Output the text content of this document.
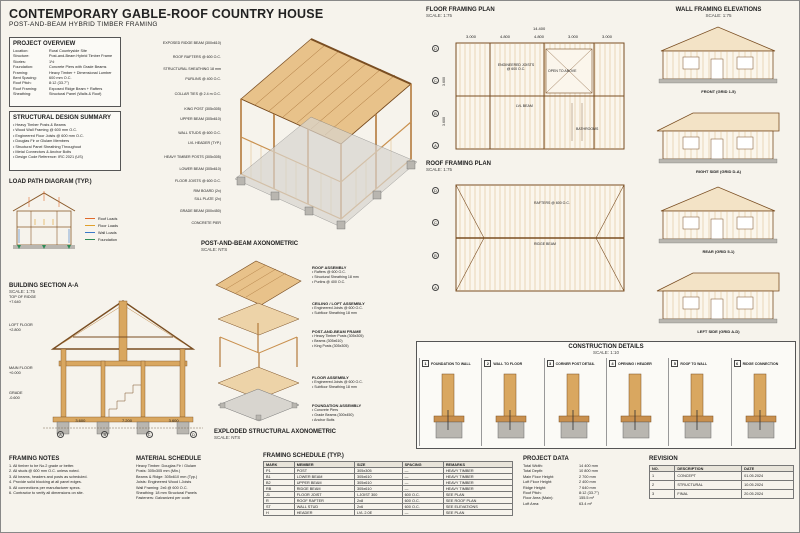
CONTEMPORARY GABLE-ROOF COUNTRY HOUSE
POST-AND-BEAM HYBRID TIMBER FRAMING
PROJECT OVERVIEW
Location:	Rural Countryside Site
Structure:	Post-and-Beam Hybrid Timber Frame
Stories:	1½
Foundation:	Concrete Piers with Grade Beams
Framing:	Heavy Timber + Dimensional Lumber
Bent Spacing:	600 mm O.C.
Roof Pitch:	8:12 (33.7°)
Roof Framing:	Exposed Ridge Beam + Rafters
Sheathing:	Structural Panel (Walls & Roof)
STRUCTURAL DESIGN SUMMARY
• Heavy Timber Posts & Beams
• Wood Wall Framing @ 600 mm O.C.
• Engineered Floor Joists @ 600 mm O.C.
• Douglas Fir or Glulam Members
• Structural Panel Sheathing Throughout
• Metal Connectors & Anchor Bolts
• Design Code Reference: IRC 2021 (US)
LOAD PATH DIAGRAM (TYP.)
Roof Loads
Floor Loads
Wall Loads
Foundation
BUILDING SECTION A-A
SCALE: 1:75
TOP OF RIDGE
+7.640
LOFT FLOOR
+2.800
MAIN FLOOR
+0.000
GRADE
-0.600
3.600	7.200	3.600
A	B	C	D
EXPOSED RIDGE BEAM (300x610)
ROOF RAFTERS @ 600 O.C.
STRUCTURAL SHEATHING 18 mm
PURLINS @ 400 O.C.
COLLAR TIES @ 2.4 m O.C.
KING POST (305x305)
UPPER BEAM (305x610)
WALL STUDS @ 600 O.C.
LVL HEADER (TYP.)
HEAVY TIMBER POSTS (305x305)
LOWER BEAM (305x610)
FLOOR JOISTS @ 600 O.C.
RIM BOARD (2x)
SILL PLATE (2x)
GRADE BEAM (300x450)
CONCRETE PIER
POST-AND-BEAM AXONOMETRIC
SCALE: NTS
ROOF ASSEMBLY
• Rafters @ 600 O.C.
• Structural Sheathing 18 mm
• Purlins @ 400 O.C.
CEILING / LOFT ASSEMBLY
• Engineered Joists @ 600 O.C.
• Subfloor Sheathing 18 mm
POST-AND-BEAM FRAME
• Heavy Timber Posts (305x305)
• Beams (305x610)
• King Posts (305x305)
FLOOR ASSEMBLY
• Engineered Joists @ 600 O.C.
• Subfloor Sheathing 18 mm
FOUNDATION ASSEMBLY
• Concrete Piers
• Grade Beams (300x450)
• Anchor Bolts
EXPLODED STRUCTURAL AXONOMETRIC
SCALE: NTS
FLOOR FRAMING PLAN
SCALE: 1:75
14.400
3.000	4.800	4.800	3.000	3.000
ENGINEERED JOISTS @ 600 O.C.	OPEN TO ABOVE
LVL BEAM
BATHROOMS
D
C
B
A
3.600
3.600
ROOF FRAMING PLAN
SCALE: 1:75
RAFTERS @ 600 O.C.
RIDGE BEAM
D
C
B
A
WALL FRAMING ELEVATIONS
SCALE: 1:75
FRONT (GRID 1-5)
RIGHT SIDE (GRID D-A)
REAR (GRID 5-1)
LEFT SIDE (GRID A-D)
CONSTRUCTION DETAILS
SCALE: 1:10
1	FOUNDATION TO WALL	2	WALL TO FLOOR	3	CORNER POST DETAIL	4	OPENING / HEADER	5	ROOF TO WALL	6	RIDGE CONNECTION
FRAMING NOTES
1. All timber to be No.2 grade or better.
2. All studs @ 600 mm O.C. unless noted.
3. All beams, headers and posts as scheduled.
4. Provide solid blocking at all panel edges.
5. All connections per manufacturer specs.
6. Contractor to verify all dimensions on site.
MATERIAL SCHEDULE
Heavy Timber: Douglas Fir / Glulam
Posts: 305x305 mm (Min.)
Beams & Ridge: 305x610 mm (Typ.)
Joists: Engineered Wood I-Joists
Wall Framing: 2x6 @ 600 O.C.
Sheathing: 18 mm Structural Panels
Fasteners: Galvanized per code
FRAMING SCHEDULE (TYP.)
MARK	MEMBER	SIZE	SPACING	REMARKS
P1	POST	305x305	—	HEAVY TIMBER
B1	LOWER BEAM	305x610	—	HEAVY TIMBER
B2	UPPER BEAM	305x610	—	HEAVY TIMBER
RB	RIDGE BEAM	305x610	—	HEAVY TIMBER
J1	FLOOR JOIST	I-JOIST 300	600 O.C.	SEE PLAN
R	ROOF RAFTER	2x8	600 O.C.	SEE ROOF PLAN
ST	WALL STUD	2x6	600 O.C.	SEE ELEVATIONS
H	HEADER	LVL 2.0E	—	SEE PLAN
PROJECT DATA
Total Width:	14 400 mm
Total Depth:	10 800 mm
Main Floor Height:	2 700 mm
Loft Floor Height:	2 400 mm
Ridge Height:	7 640 mm
Roof Pitch:	8:12 (33.7°)
Floor Area (Main):	155.5 m²
Loft Area:	63.4 m²
REVISION
NO.	DESCRIPTION	DATE
1	CONCEPT	01.05.2024
2	STRUCTURAL	10.05.2024
3	FINAL	20.05.2024
